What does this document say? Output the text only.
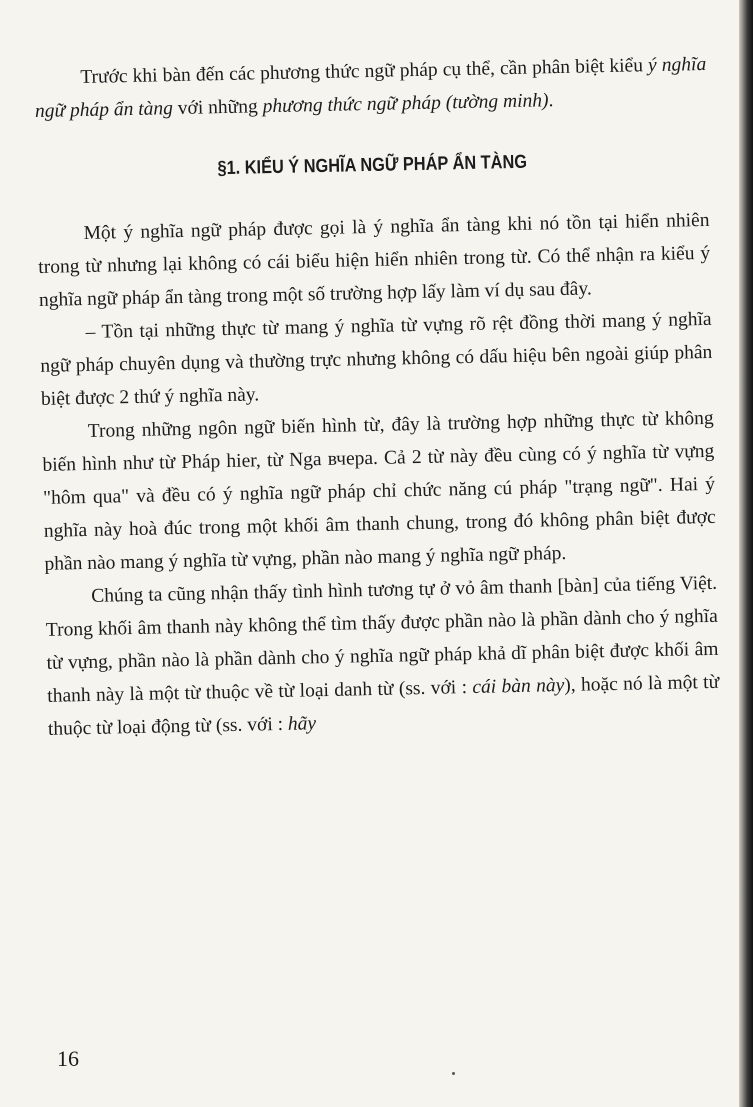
Trước khi bàn đến các phương thức ngữ pháp cụ thể, cần phân biệt kiểu ý nghĩa ngữ pháp ẩn tàng với những phương thức ngữ pháp (tường minh).

§1. KIỂU Ý NGHĨA NGỮ PHÁP ẨN TÀNG

Một ý nghĩa ngữ pháp được gọi là ý nghĩa ẩn tàng khi nó tồn tại hiển nhiên trong từ nhưng lại không có cái biểu hiện hiển nhiên trong từ. Có thể nhận ra kiểu ý nghĩa ngữ pháp ẩn tàng trong một số trường hợp lấy làm ví dụ sau đây.

– Tồn tại những thực từ mang ý nghĩa từ vựng rõ rệt đồng thời mang ý nghĩa ngữ pháp chuyên dụng và thường trực nhưng không có dấu hiệu bên ngoài giúp phân biệt được 2 thứ ý nghĩa này.

Trong những ngôn ngữ biến hình từ, đây là trường hợp những thực từ không biến hình như từ Pháp hier, từ Nga вчера. Cả 2 từ này đều cùng có ý nghĩa từ vựng "hôm qua" và đều có ý nghĩa ngữ pháp chỉ chức năng cú pháp "trạng ngữ". Hai ý nghĩa này hoà đúc trong một khối âm thanh chung, trong đó không phân biệt được phần nào mang ý nghĩa từ vựng, phần nào mang ý nghĩa ngữ pháp.

Chúng ta cũng nhận thấy tình hình tương tự ở vỏ âm thanh [bàn] của tiếng Việt. Trong khối âm thanh này không thể tìm thấy được phần nào là phần dành cho ý nghĩa từ vựng, phần nào là phần dành cho ý nghĩa ngữ pháp khả dĩ phân biệt được khối âm thanh này là một từ thuộc về từ loại danh từ (ss. với : cái bàn này), hoặc nó là một từ thuộc từ loại động từ (ss. với : hãy

16
